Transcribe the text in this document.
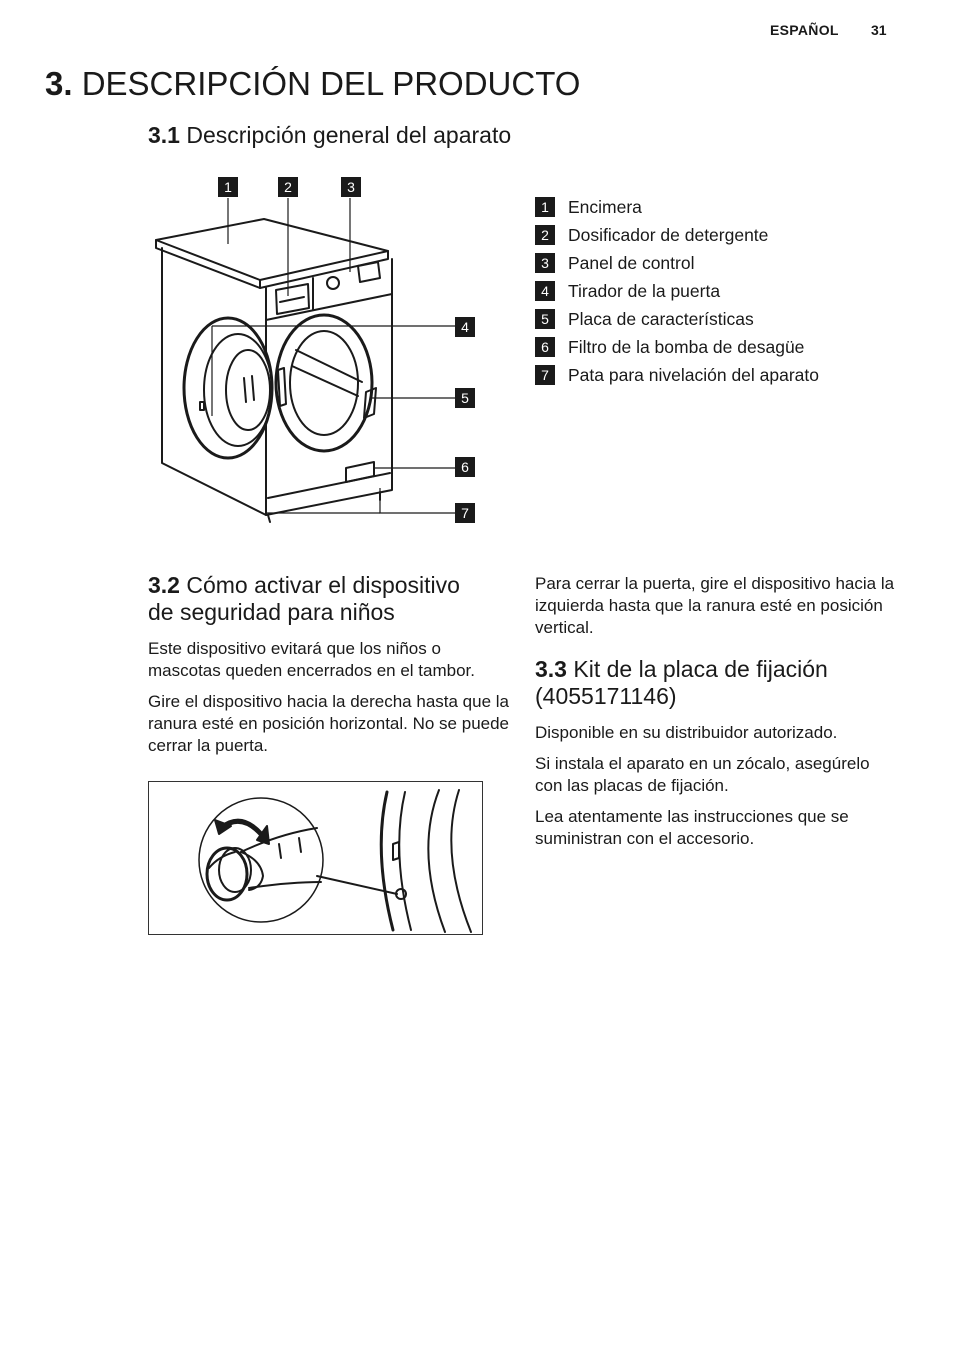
ESPAÑOL 31
3. DESCRIPCIÓN DEL PRODUCTO
3.1 Descripción general del aparato
1	2	3
4
5
6
7
1	Encimera
2	Dosificador de detergente
3	Panel de control
4	Tirador de la puerta
5	Placa de características
6	Filtro de la bomba de desagüe
7	Pata para nivelación del aparato
3.2 Cómo activar el dispositivo
de seguridad para niños
Este dispositivo evitará que los niños o mascotas queden encerrados en el tambor.
Gire el dispositivo hacia la derecha hasta que la ranura esté en posición horizontal. No se puede cerrar la puerta.
Para cerrar la puerta, gire el dispositivo hacia la izquierda hasta que la ranura esté en posición vertical.
3.3 Kit de la placa de fijación
(4055171146)
Disponible en su distribuidor autorizado.
Si instala el aparato en un zócalo, asegúrelo con las placas de fijación.
Lea atentamente las instrucciones que se suministran con el accesorio.
